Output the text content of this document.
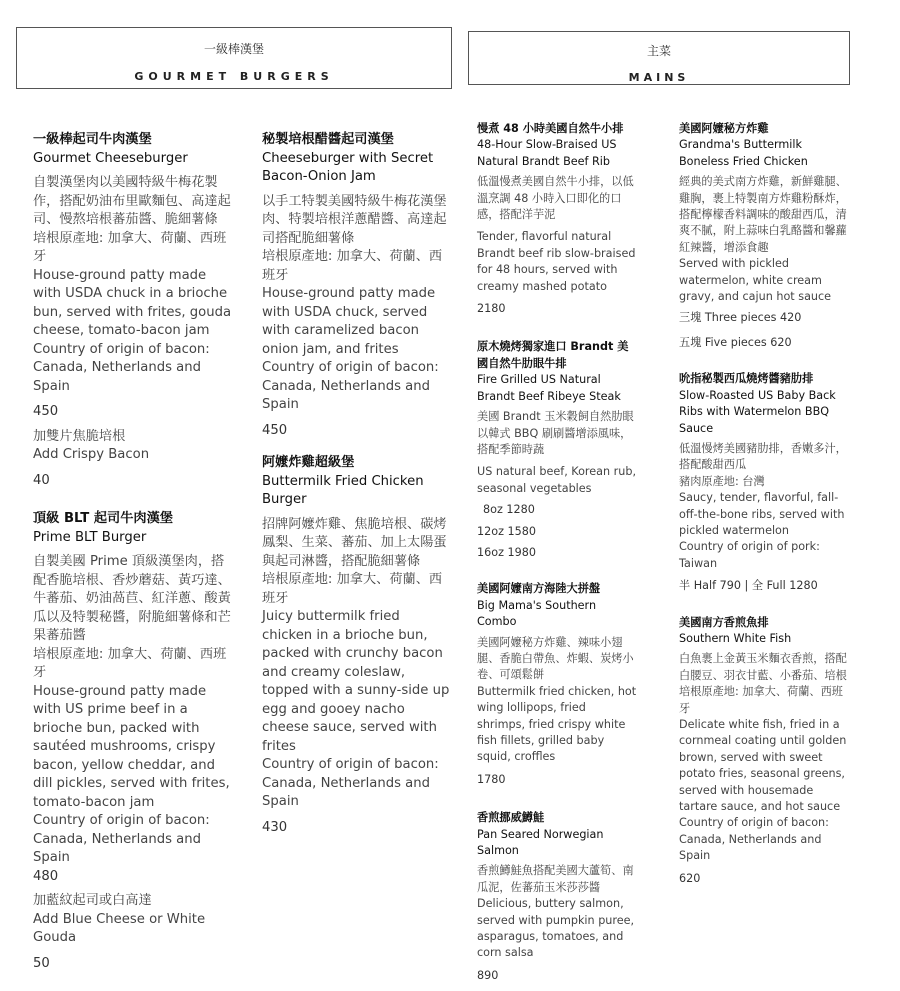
一級棒漢堡
GOURMET BURGERS
主菜
MAINS
一級棒起司牛肉漢堡
Gourmet Cheeseburger
自製漢堡肉以美國特級牛梅花製作，搭配奶油布里歐麵包、高達起司、慢熬培根蕃茄醬、脆細薯條
培根原產地: 加拿大、荷蘭、西班牙
House-ground patty made with USDA chuck in a brioche bun, served with frites, gouda cheese, tomato-bacon jam
Country of origin of bacon: Canada, Netherlands and Spain
450
加雙片焦脆培根
Add Crispy Bacon
40
頂級 BLT 起司牛肉漢堡
Prime BLT Burger
自製美國 Prime 頂級漢堡肉，搭配香脆培根、香炒蘑菇、黃巧達、牛蕃茄、奶油萵苣、紅洋蔥、酸黃瓜以及特製秘醬，附脆細薯條和芒果蕃茄醬
培根原產地: 加拿大、荷蘭、西班牙
House-ground patty made with US prime beef in a brioche bun, packed with sautéed mushrooms, crispy bacon, yellow cheddar, and dill pickles, served with frites, tomato-bacon jam
Country of origin of bacon: Canada, Netherlands and Spain
480
加藍紋起司或白高達
Add Blue Cheese or White Gouda
50
秘製培根醋醬起司漢堡
Cheeseburger with Secret Bacon-Onion Jam
以手工特製美國特級牛梅花漢堡肉、特製培根洋蔥醋醬、高達起司搭配脆細薯條
培根原產地: 加拿大、荷蘭、西班牙
House-ground patty made with USDA chuck, served with caramelized bacon onion jam, and frites
Country of origin of bacon: Canada, Netherlands and Spain
450
阿嬤炸雞超級堡
Buttermilk Fried Chicken Burger
招牌阿嬤炸雞、焦脆培根、碳烤鳳梨、生菜、蕃茄、加上太陽蛋與起司淋醬，搭配脆細薯條
培根原產地: 加拿大、荷蘭、西班牙
Juicy buttermilk fried chicken in a brioche bun, packed with crunchy bacon and creamy coleslaw, topped with a sunny-side up egg and gooey nacho cheese sauce, served with frites
Country of origin of bacon: Canada, Netherlands and Spain
430
慢煮 48 小時美國自然牛小排
48-Hour Slow-Braised US Natural Brandt Beef Rib
低溫慢煮美國自然牛小排，以低溫烹調 48 小時入口即化的口感，搭配洋芋泥
Tender, flavorful natural Brandt beef rib slow-braised for 48 hours, served with creamy mashed potato
2180
原木燒烤獨家進口 Brandt 美國自然牛肋眼牛排
Fire Grilled US Natural Brandt Beef Ribeye Steak
美國 Brandt 玉米穀飼自然肋眼以韓式 BBQ 刷刷醬增添風味，搭配季節時蔬
US natural beef, Korean rub, seasonal vegetables
8oz 1280
12oz 1580
16oz 1980
美國阿嬤南方海陸大拼盤
Big Mama's Southern Combo
美國阿嬤秘方炸雞、辣味小翅腿、香脆白帶魚、炸蝦、炭烤小卷、可頌鬆餅
Buttermilk fried chicken, hot wing lollipops, fried shrimps, fried crispy white fish fillets, grilled baby squid, croffles
1780
香煎挪威鱒鮭
Pan Seared Norwegian Salmon
香煎鱒鮭魚搭配美國大蘆筍、南瓜泥，佐蕃茄玉米莎莎醬
Delicious, buttery salmon, served with pumpkin puree, asparagus, tomatoes, and corn salsa
890
美國阿嬤秘方炸雞
Grandma's Buttermilk Boneless Fried Chicken
經典的美式南方炸雞，新鮮雞腿、雞胸，裹上特製南方炸雞粉酥炸，搭配檸檬香料調味的酸甜西瓜，清爽不膩，附上蒜味白乳酪醬和馨蘿紅辣醬，增添食趣
Served with pickled watermelon, white cream gravy, and cajun hot sauce
三塊 Three pieces 420
五塊 Five pieces 620
吮指秘製西瓜燒烤醬豬肋排
Slow-Roasted US Baby Back Ribs with Watermelon BBQ Sauce
低溫慢烤美國豬肋排，香嫩多汁，搭配酸甜西瓜
豬肉原產地: 台灣
Saucy, tender, flavorful, fall-off-the-bone ribs, served with pickled watermelon
Country of origin of pork: Taiwan
半 Half 790 | 全 Full 1280
美國南方香煎魚排
Southern White Fish
白魚裹上金黃玉米麵衣香煎，搭配白腰豆、羽衣甘藍、小番茄、培根
培根原產地: 加拿大、荷蘭、西班牙
Delicate white fish, fried in a cornmeal coating until golden brown, served with sweet potato fries, seasonal greens, served with housemade tartare sauce, and hot sauce
Country of origin of bacon: Canada, Netherlands and Spain
620
